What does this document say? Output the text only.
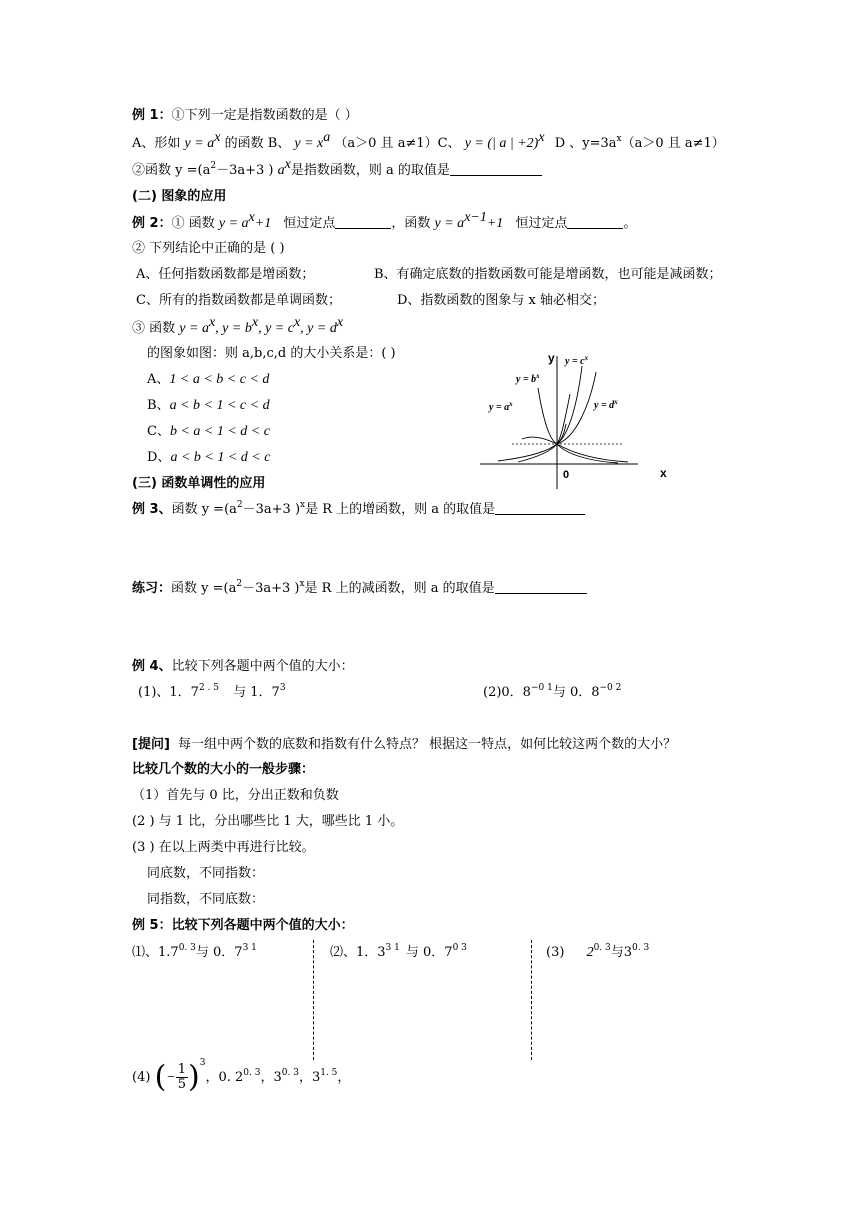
例 1：①下列一定是指数函数的是（ ）
A、形如 $y = a^x$ 的函数 B、 $y = x^a$ （a＞0 且 a≠1）C、 y = (| a | +2)$^x$ D 、$y=3a^x(a>0$ 且 a≠1）
②函数 $y =(a^2-3a+3$ ) $a^x$是指数函数，则 a 的取值是
(二) 图象的应用
例 2：① 函数 $y = a^x+1$ 恒过定点	，函数 $y = a^{x-1}+1$ 恒过定点	。
② 下列结论中正确的是 ( )
A、任何指数函数都是增函数；	B、有确定底数的指数函数可能是增函数，也可能是减函数；
C、所有的指数函数都是单调函数；	D、指数函数的图象与 x 轴必相交；
③ 函数 $y = a^x$, $y = b^x$, $y = c^x$, $y = d^x$
的图象如图：则 a,b,c,d 的大小关系是：( )
A、1 < a < b < c < d
B、a < b < 1 < c < d
C、b < a < 1 < d < c
D、a < b < 1 < d < c
y
x
0
$y = c^x$
$y = b^x$
$y = a^x$	$y = d^x$
(三) 函数单调性的应用
例 3、函数 $y =(a^2-3a+3$ )$^x$是 R 上的增函数，则 a 的取值是
练习：函数 $y =(a^2-3a+3$ )$^x$是 R 上的减函数，则 a 的取值是
例 4、比较下列各题中两个值的大小：
(1)、1．$7^{2 . 5}$ 与 1．$7^3$	(2)0．$8^{-0 1}$与 0．$8^{-0 2}$
[提问] 每一组中两个数的底数和指数有什么特点？ 根据这一特点，如何比较这两个数的大小？
比较几个数的大小的一般步骤：
（1）首先与 0 比，分出正数和负数
(2 ) 与 1 比，分出哪些比 1 大，哪些比 1 小。
(3 ) 在以上两类中再进行比较。
同底数，不同指数：
同指数，不同底数：
例 5：比较下列各题中两个值的大小：
⑴、$1.7^{0. 3}$与 0．$7^{3 1}$	⑵、1．$3^{3 1}$ 与 0．$7^{0 3}$	(3) $2^{0. 3}$与$3^{0. 3}$
(4) (− $\frac{1}{5} )^3$，0. $2^{0. 3}$，$3^{0. 3}$，$3^{1. 5}$，
